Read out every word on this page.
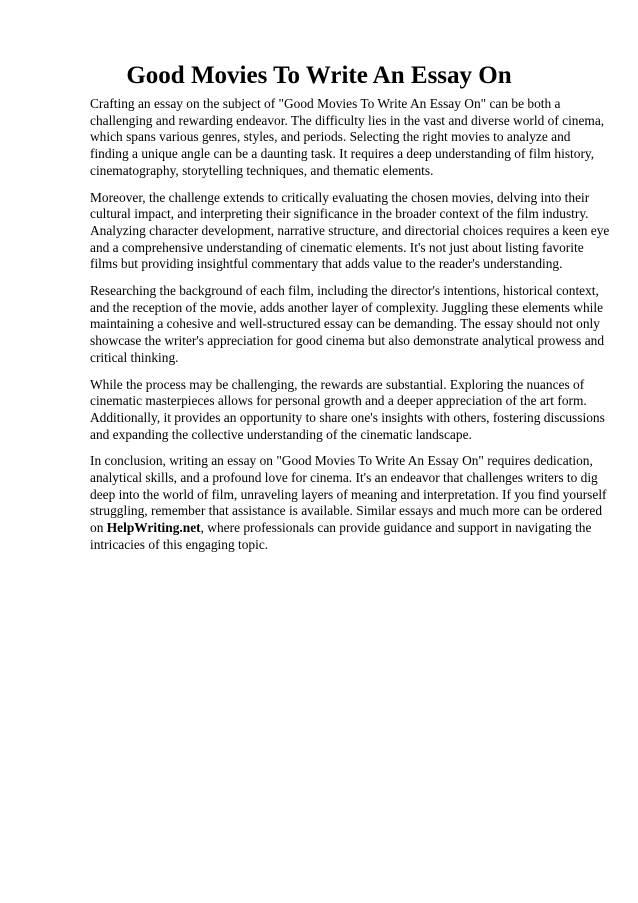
Good Movies To Write An Essay On

Crafting an essay on the subject of "Good Movies To Write An Essay On" can be both a challenging and rewarding endeavor. The difficulty lies in the vast and diverse world of cinema, which spans various genres, styles, and periods. Selecting the right movies to analyze and finding a unique angle can be a daunting task. It requires a deep understanding of film history, cinematography, storytelling techniques, and thematic elements.

Moreover, the challenge extends to critically evaluating the chosen movies, delving into their cultural impact, and interpreting their significance in the broader context of the film industry. Analyzing character development, narrative structure, and directorial choices requires a keen eye and a comprehensive understanding of cinematic elements. It's not just about listing favorite films but providing insightful commentary that adds value to the reader's understanding.

Researching the background of each film, including the director's intentions, historical context, and the reception of the movie, adds another layer of complexity. Juggling these elements while maintaining a cohesive and well-structured essay can be demanding. The essay should not only showcase the writer's appreciation for good cinema but also demonstrate analytical prowess and critical thinking.

While the process may be challenging, the rewards are substantial. Exploring the nuances of cinematic masterpieces allows for personal growth and a deeper appreciation of the art form. Additionally, it provides an opportunity to share one's insights with others, fostering discussions and expanding the collective understanding of the cinematic landscape.

In conclusion, writing an essay on "Good Movies To Write An Essay On" requires dedication, analytical skills, and a profound love for cinema. It's an endeavor that challenges writers to dig deep into the world of film, unraveling layers of meaning and interpretation. If you find yourself struggling, remember that assistance is available. Similar essays and much more can be ordered on HelpWriting.net, where professionals can provide guidance and support in navigating the intricacies of this engaging topic.
